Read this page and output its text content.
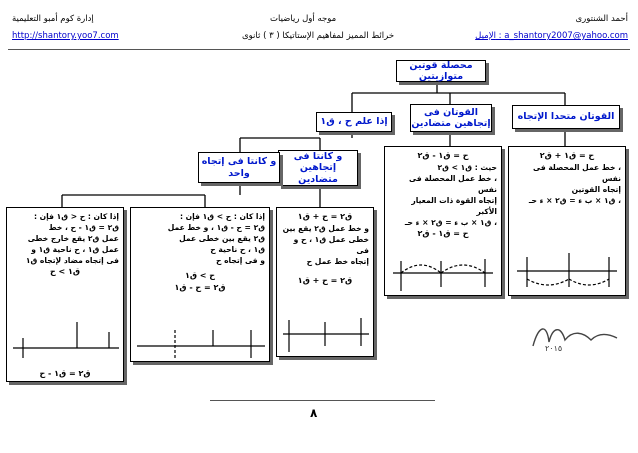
أحمد الشنتورى
الإميل : a_shantory2007@yahoo.com
موجه أول رياضيات
خرائط المميز لمفاهيم الإستاتيكا ( ٣ ) ثانوى
إدارة كوم أمبو التعليمية
http://shantory.yoo7.com
محصلة قوتين متوازيتين
القوتان متحدا الإتجاه
القوتان فى إتجاهين متضادين
إذا علم ح ، ق١
و كانتا فى إتجاهين متضادين
و كانتا فى إتجاه واحد

ح = ق١ + ق٢

، خط عمل المحصلة فى نفس

إتجاه القوتين

، ق١ × ب ء = ق٢ × ء حـ

ح = ق١ - ق٢

حيث : ق١ > ق٢

، خط عمل المحصلة فى نفس

إتجاه القوة ذات المعيار الأكبر

، ق١ × ب ء = ق٢ × ء حـ

ح = ق١ - ق٢

ق٢ = ح + ق١

و خط عمل ق٢ يقع بين

خطى عمل ق١ ، ح و فى

إتجاه خط عمل ح

ق٢ = ح + ق١

إذا كان : ح > ق١ فإن :

ق٢ = ح - ق١ ، و خط عمل

ق٢ يقع بين خطى عمل

ق١ ، ح ناحية ح

و فى إتجاه ح

ح > ق١

ق٢ = ح - ق١

إذا كان : ح < ق١ فإن :

ق٢ = ق١ - ح ، خط

عمل ق٢ يقع خارج خطى

عمل ق١ ، ح ناحية ق١ و

فى إتجاه مضاد لإتجاه ق١

ق١ > ح

ق٢ = ق١ - ح
٢٠١٥
٨
